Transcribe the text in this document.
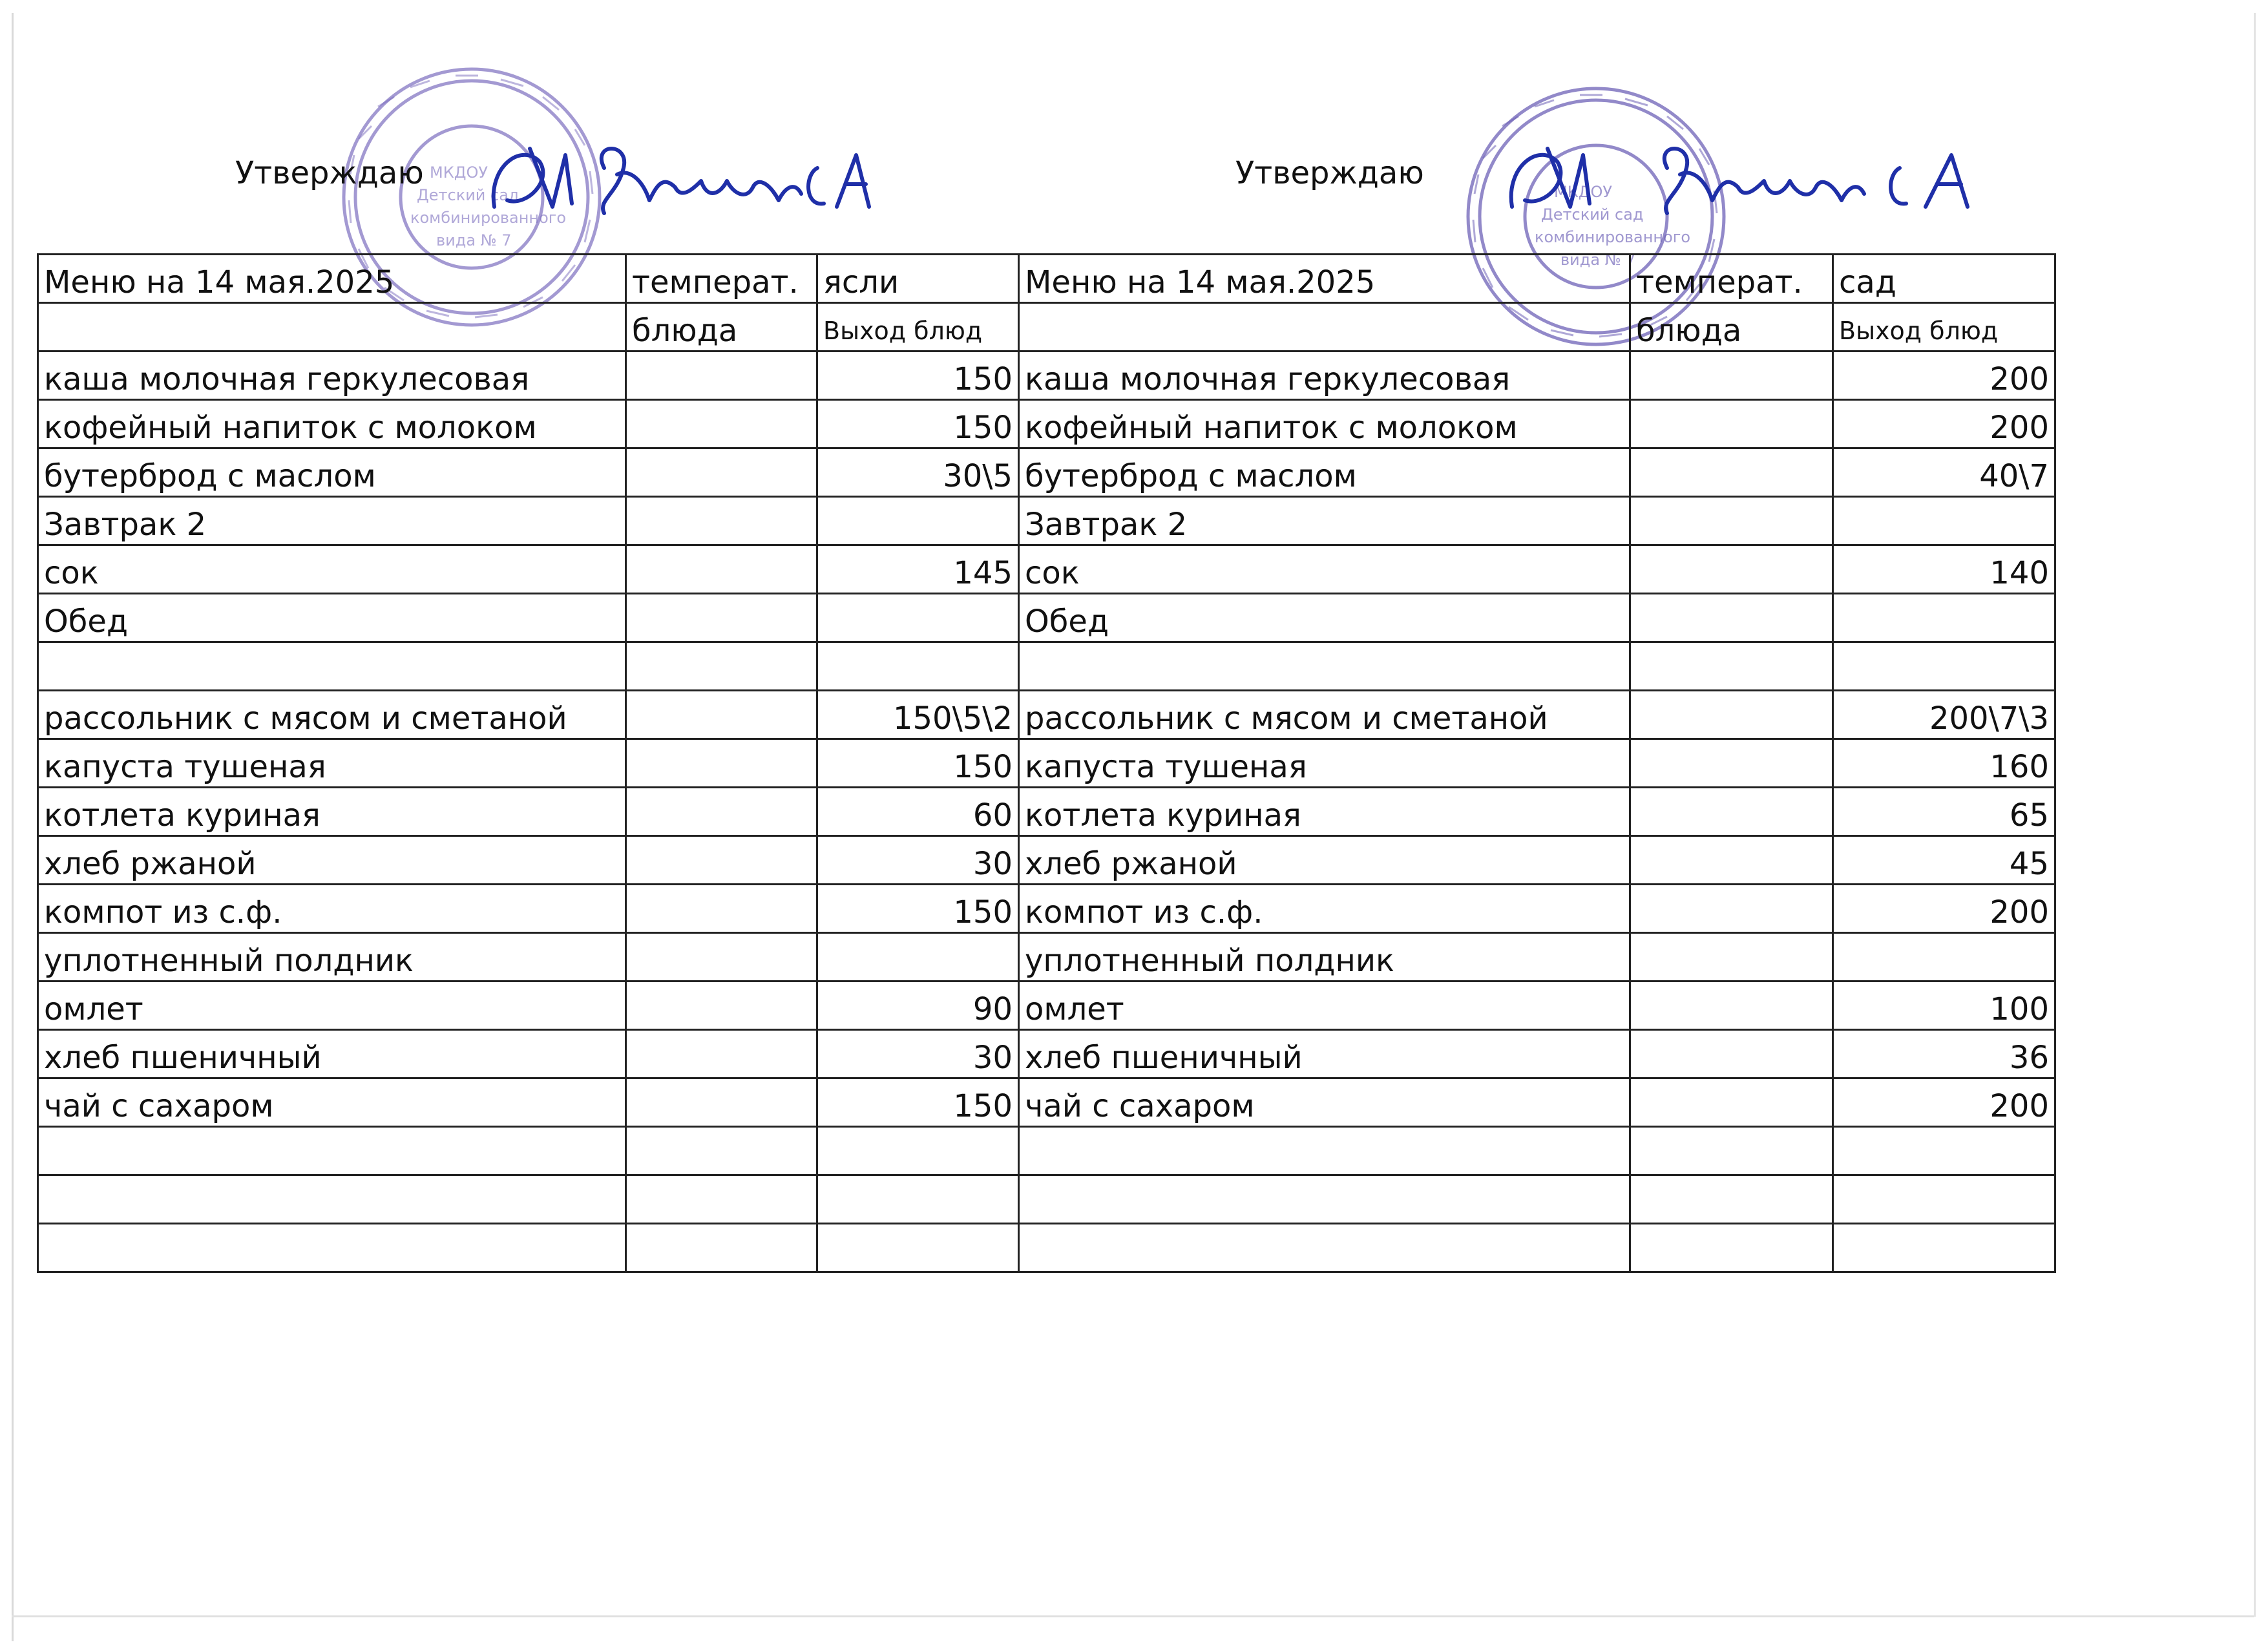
МКДОУ
Детский сад
комбинированного
вида № 7
МКДОУ
Детский сад
комбинированного
вида № 7
Утверждаю	Утверждаю
Меню на 14 мая.2025	температ.	ясли	Меню на 14 мая.2025	температ.	сад
	блюда	Выход блюд		блюда	Выход блюд
каша молочная геркулесовая		150	каша молочная геркулесовая		200
кофейный напиток с молоком		150	кофейный напиток с молоком		200
бутерброд с маслом		30\5	бутерброд с маслом		40\7
Завтрак 2			Завтрак 2		
сок		145	сок		140
Обед			Обед		

рассольник с мясом и сметаной		150\5\2	рассольник с мясом и сметаной		200\7\3
капуста тушеная		150	капуста тушеная		160
котлета куриная		60	котлета куриная		65
хлеб ржаной		30	хлеб ржаной		45
компот из с.ф.		150	компот из с.ф.		200
уплотненный полдник			уплотненный полдник		
омлет		90	омлет		100
хлеб пшеничный		30	хлеб пшеничный		36
чай с сахаром		150	чай с сахаром		200
